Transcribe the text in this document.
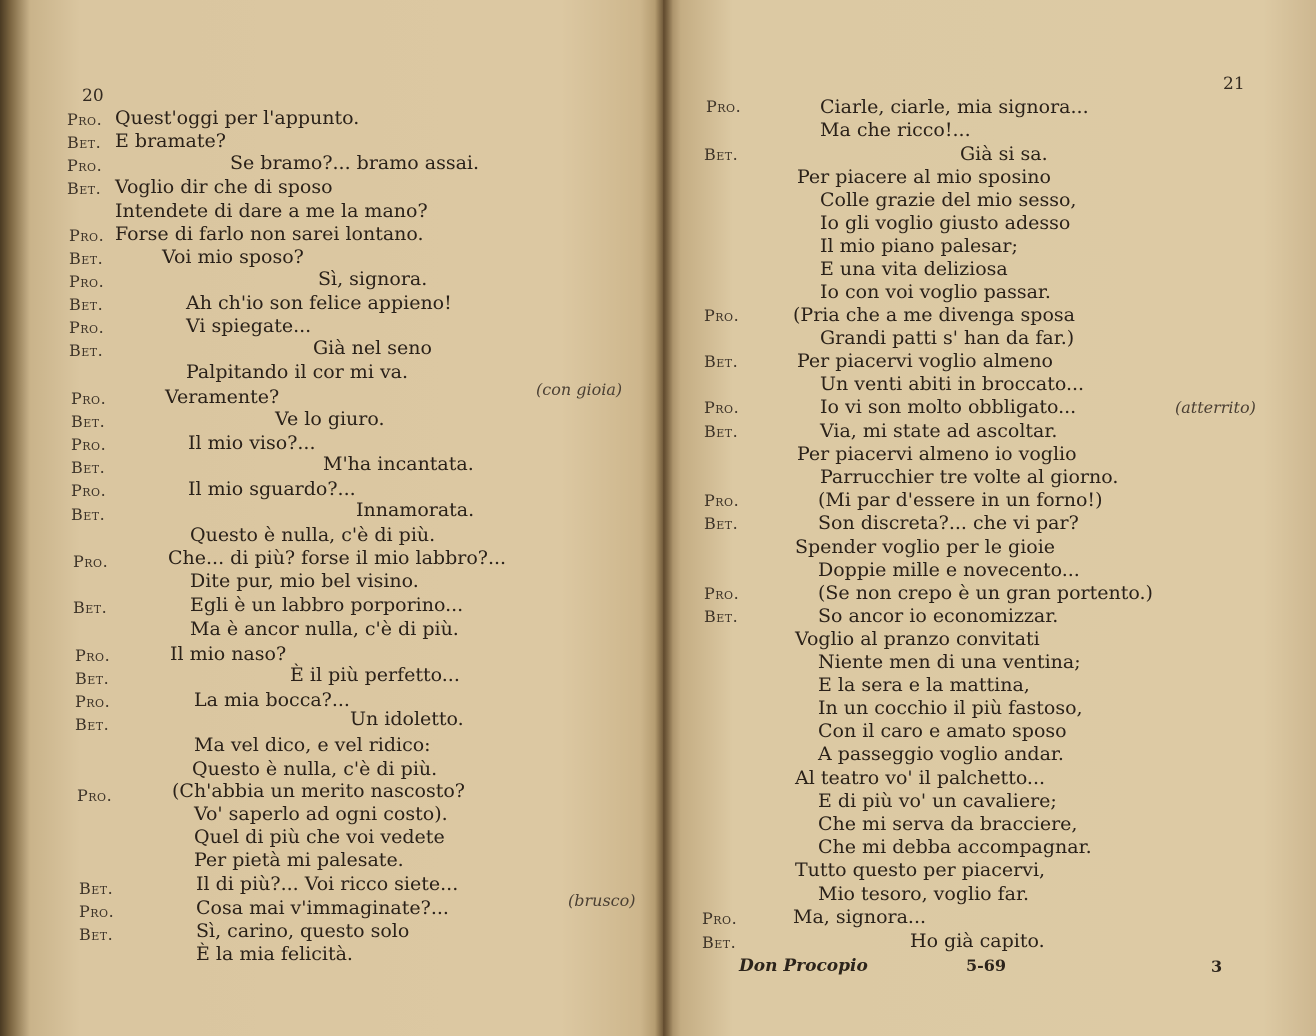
20
Pro.
Bet.
Pro.
Bet.
Pro.
Bet.
Pro.
Bet.
Pro.
Bet.
Pro.
Bet.
Pro.
Bet.
Pro.
Bet.
Pro.
Bet.
Pro.
Bet.
Pro.
Bet.
Pro.
Bet.
Pro.
Bet.
Quest'oggi per l'appunto.
E bramate?
Se bramo?... bramo assai.
Voglio dir che di sposo
Intendete di dare a me la mano?
Forse di farlo non sarei lontano.
Voi mio sposo?
Sì, signora.
Ah ch'io son felice appieno!
Vi spiegate...
Già nel seno
Palpitando il cor mi va.
Veramente?
Ve lo giuro.
Il mio viso?...
M'ha incantata.
Il mio sguardo?...
Innamorata.
Questo è nulla, c'è di più.
Che... di più? forse il mio labbro?...
Dite pur, mio bel visino.
Egli è un labbro porporino...
Ma è ancor nulla, c'è di più.
Il mio naso?
È il più perfetto...
La mia bocca?...
Un idoletto.
Ma vel dico, e vel ridico:
Questo è nulla, c'è di più.
(Ch'abbia un merito nascosto?
Vo' saperlo ad ogni costo).
Quel di più che voi vedete
Per pietà mi palesate.
Il di più?... Voi ricco siete...
Cosa mai v'immaginate?...
Sì, carino, questo solo
È la mia felicità.
(con gioia)
(brusco)
21
Pro.
Bet.
Pro.
Bet.
Pro.
Bet.
Pro.
Bet.
Pro.
Bet.
Pro.
Bet.
Ciarle, ciarle, mia signora...
Ma che ricco!...
Già si sa.
Per piacere al mio sposino
Colle grazie del mio sesso,
Io gli voglio giusto adesso
Il mio piano palesar;
E una vita deliziosa
Io con voi voglio passar.
(Pria che a me divenga sposa
Grandi patti s' han da far.)
Per piacervi voglio almeno
Un venti abiti in broccato...
Io vi son molto obbligato...
Via, mi state ad ascoltar.
Per piacervi almeno io voglio
Parrucchier tre volte al giorno.
(Mi par d'essere in un forno!)
Son discreta?... che vi par?
Spender voglio per le gioie
Doppie mille e novecento...
(Se non crepo è un gran portento.)
So ancor io economizzar.
Voglio al pranzo convitati
Niente men di una ventina;
E la sera e la mattina,
In un cocchio il più fastoso,
Con il caro e amato sposo
A passeggio voglio andar.
Al teatro vo' il palchetto...
E di più vo' un cavaliere;
Che mi serva da bracciere,
Che mi debba accompagnar.
Tutto questo per piacervi,
Mio tesoro, voglio far.
Ma, signora...
Ho già capito.
(atterrito)
Don Procopio	5-69	3
